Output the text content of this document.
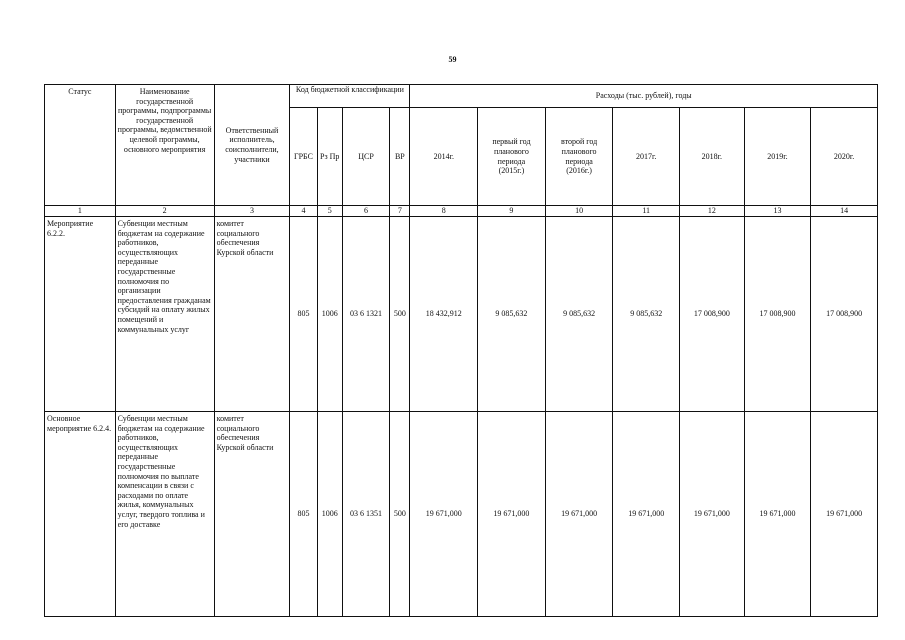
59
Статус	Наименование государственной программы, подпрограммы государственной программы, ведомственной целевой программы, основного мероприятия	Ответственный исполнитель, соисполнители, участники	Код бюджетной классификации				Расходы (тыс. рублей), годы						
			ГРБС	Рз Пр	ЦСР	ВР	2014г.	первый год планового периода (2015г.)	второй год планового периода (2016г.)	2017г.	2018г.	2019г.	2020г.
1	2	3	4	5	6	7	8	9	10	11	12	13	14
Мероприятие 6.2.2.	Субвенции местным бюджетам на содержание работников, осуществляющих переданные государственные полномочия по организации предоставления гражданам субсидий на оплату жилых помещений и коммунальных услуг	комитет социального обеспечения Курской области	805	1006	03 6 1321	500	18 432,912	9 085,632	9 085,632	9 085,632	17 008,900	17 008,900	17 008,900
Основное мероприятие 6.2.4.	Субвенции местным бюджетам на содержание работников, осуществляющих переданные государственные полномочия по выплате компенсации в связи с расходами по оплате жилья, коммунальных услуг, твердого топлива и его доставке	комитет социального обеспечения Курской области	805	1006	03 6 1351	500	19 671,000	19 671,000	19 671,000	19 671,000	19 671,000	19 671,000	19 671,000
